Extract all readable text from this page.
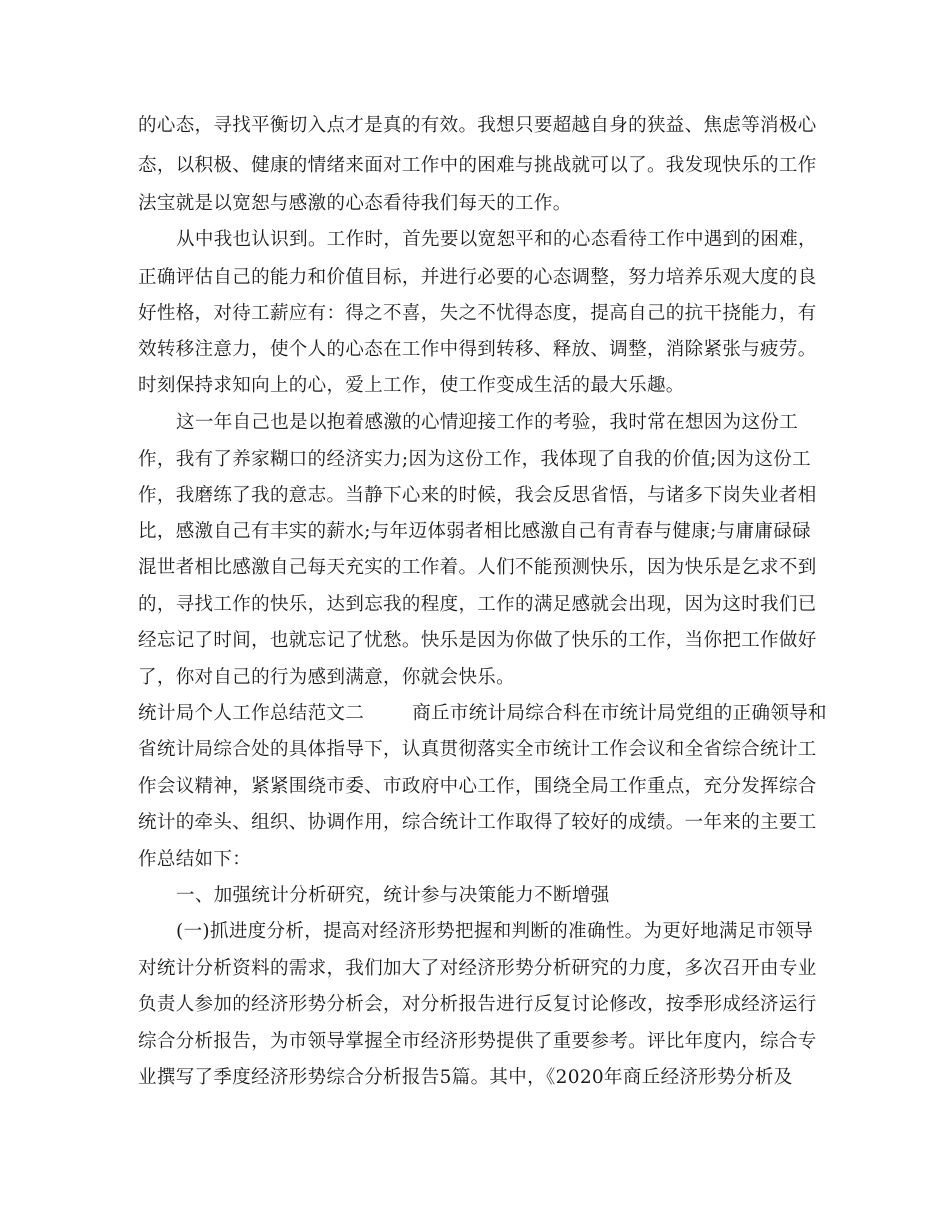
的心态，寻找平衡切入点才是真的有效。我想只要超越自身的狭益、焦虑等消极心
态，以积极、健康的情绪来面对工作中的困难与挑战就可以了。我发现快乐的工作
法宝就是以宽恕与感激的心态看待我们每天的工作。
从中我也认识到。工作时，首先要以宽恕平和的心态看待工作中遇到的困难，
正确评估自己的能力和价值目标，并进行必要的心态调整，努力培养乐观大度的良
好性格，对待工薪应有：得之不喜，失之不忧得态度，提高自己的抗干挠能力，有
效转移注意力，使个人的心态在工作中得到转移、释放、调整，消除紧张与疲劳。
时刻保持求知向上的心，爱上工作，使工作变成生活的最大乐趣。
这一年自己也是以抱着感激的心情迎接工作的考验，我时常在想因为这份工
作，我有了养家糊口的经济实力;因为这份工作，我体现了自我的价值;因为这份工
作，我磨练了我的意志。当静下心来的时候，我会反思省悟，与诸多下岗失业者相
比，感激自己有丰实的薪水;与年迈体弱者相比感激自己有青春与健康;与庸庸碌碌
混世者相比感激自己每天充实的工作着。人们不能预测快乐，因为快乐是乞求不到
的，寻找工作的快乐，达到忘我的程度，工作的满足感就会出现，因为这时我们已
经忘记了时间，也就忘记了忧愁。快乐是因为你做了快乐的工作，当你把工作做好
了，你对自己的行为感到满意，你就会快乐。
统计局个人工作总结范文二	商丘市统计局综合科在市统计局党组的正确领导和
省统计局综合处的具体指导下，认真贯彻落实全市统计工作会议和全省综合统计工
作会议精神，紧紧围绕市委、市政府中心工作，围绕全局工作重点，充分发挥综合
统计的牵头、组织、协调作用，综合统计工作取得了较好的成绩。一年来的主要工
作总结如下：
一、加强统计分析研究，统计参与决策能力不断增强
(一)抓进度分析，提高对经济形势把握和判断的准确性。为更好地满足市领导
对统计分析资料的需求，我们加大了对经济形势分析研究的力度，多次召开由专业
负责人参加的经济形势分析会，对分析报告进行反复讨论修改，按季形成经济运行
综合分析报告，为市领导掌握全市经济形势提供了重要参考。评比年度内，综合专
业撰写了季度经济形势综合分析报告5篇。其中，《2020年商丘经济形势分析及
